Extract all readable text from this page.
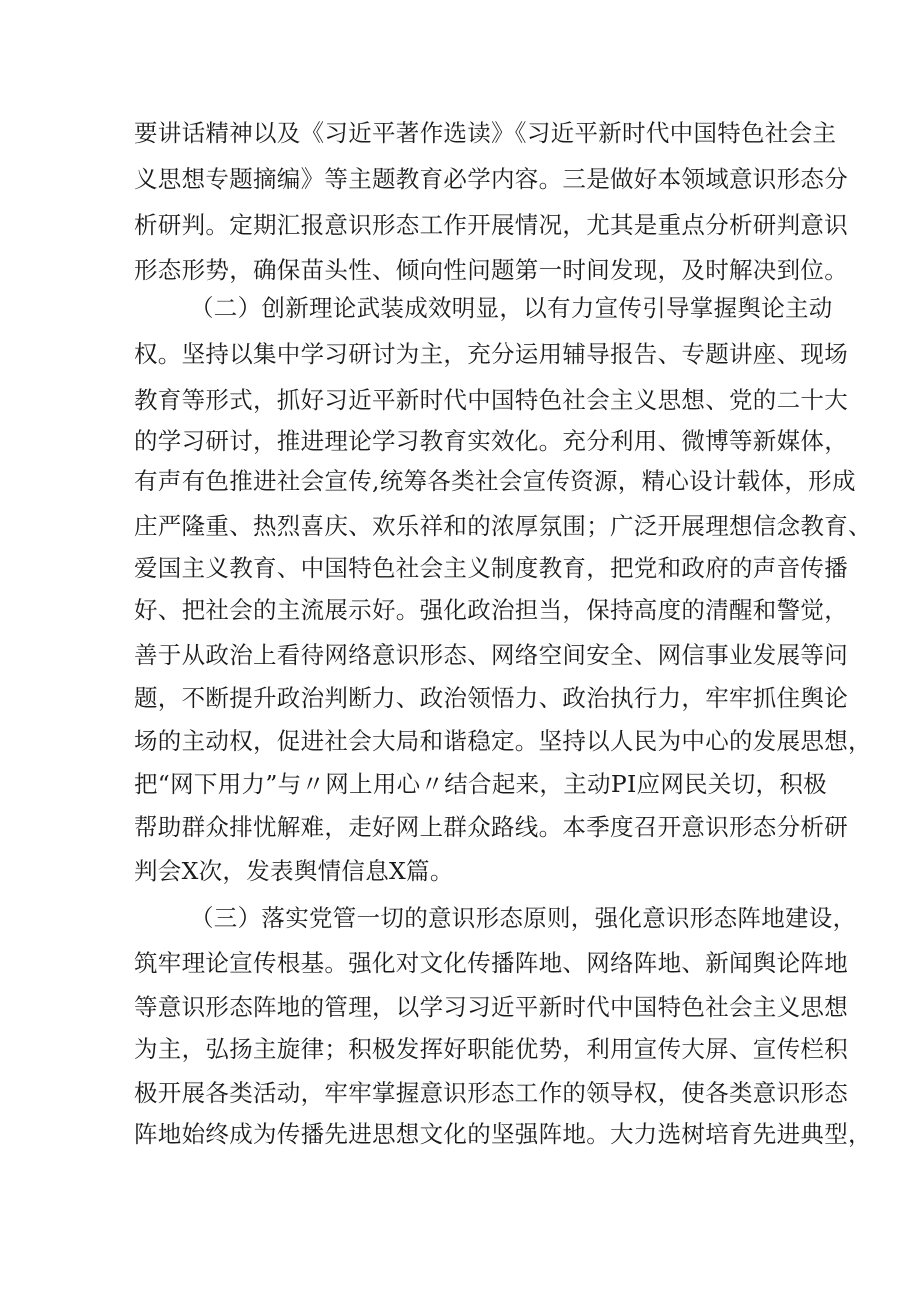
要讲话精神以及《习近平著作选读》《习近平新时代中国特色社会主
义思想专题摘编》等主题教育必学内容。三是做好本领域意识形态分
析研判。定期汇报意识形态工作开展情况，尤其是重点分析研判意识
形态形势，确保苗头性、倾向性问题第一时间发现，及时解决到位。
（二）创新理论武装成效明显，以有力宣传引导掌握舆论主动
权。坚持以集中学习研讨为主，充分运用辅导报告、专题讲座、现场
教育等形式，抓好习近平新时代中国特色社会主义思想、党的二十大
的学习研讨，推进理论学习教育实效化。充分利用、微博等新媒体，
有声有色推进社会宣传,统筹各类社会宣传资源，精心设计载体，形成
庄严隆重、热烈喜庆、欢乐祥和的浓厚氛围；广泛开展理想信念教育、
爱国主义教育、中国特色社会主义制度教育，把党和政府的声音传播
好、把社会的主流展示好。强化政治担当，保持高度的清醒和警觉，
善于从政治上看待网络意识形态、网络空间安全、网信事业发展等问
题，不断提升政治判断力、政治领悟力、政治执行力，牢牢抓住舆论
场的主动权，促进社会大局和谐稳定。坚持以人民为中心的发展思想，
把“网下用力”与〃网上用心〃结合起来，主动PI应网民关切，积极
帮助群众排忧解难，走好网上群众路线。本季度召开意识形态分析研
判会X次，发表舆情信息X篇。
（三）落实党管一切的意识形态原则，强化意识形态阵地建设，
筑牢理论宣传根基。强化对文化传播阵地、网络阵地、新闻舆论阵地
等意识形态阵地的管理，以学习习近平新时代中国特色社会主义思想
为主，弘扬主旋律；积极发挥好职能优势，利用宣传大屏、宣传栏积
极开展各类活动，牢牢掌握意识形态工作的领导权，使各类意识形态
阵地始终成为传播先进思想文化的坚强阵地。大力选树培育先进典型，
